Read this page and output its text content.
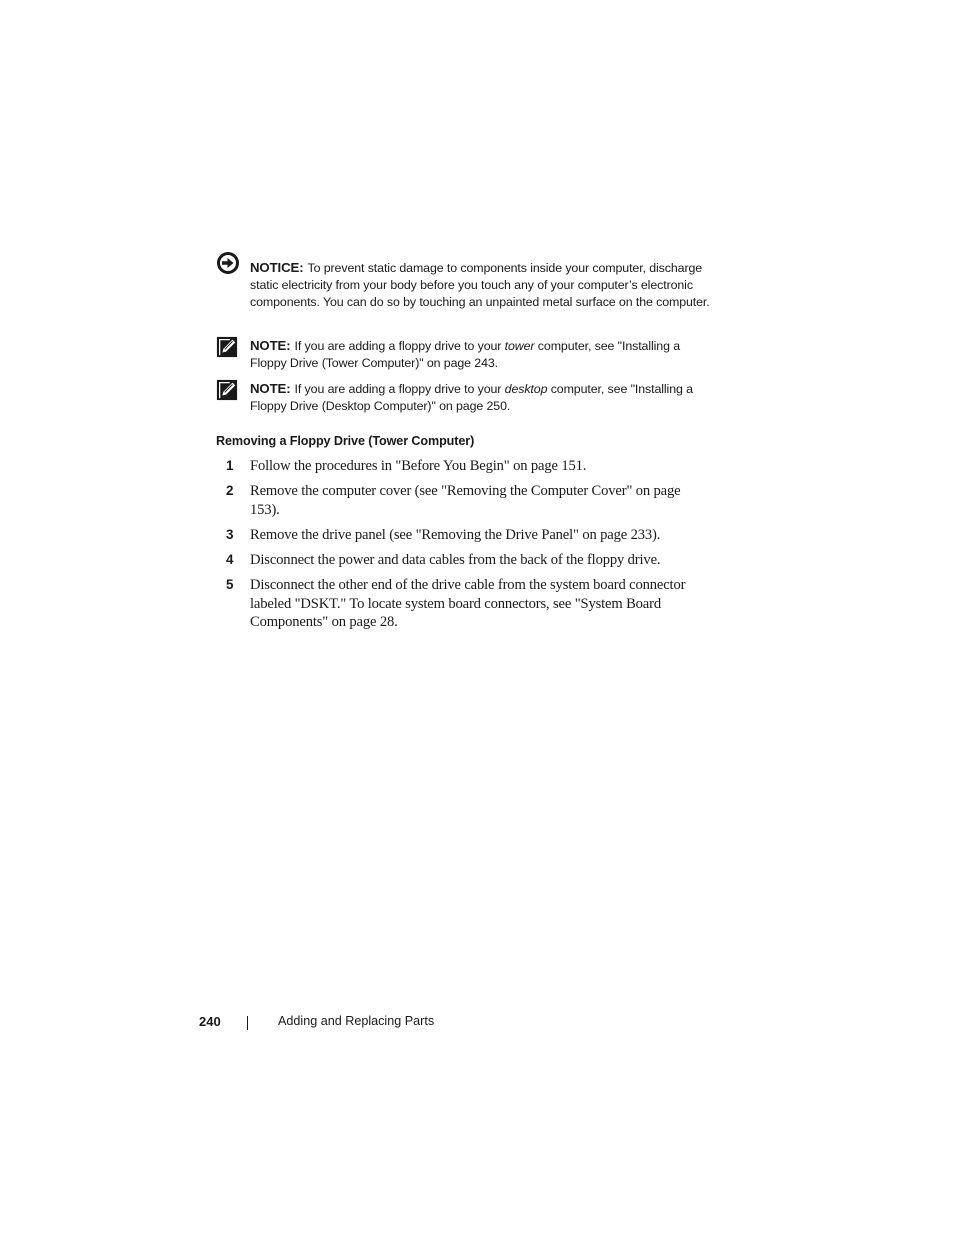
NOTICE: To prevent static damage to components inside your computer, discharge static electricity from your body before you touch any of your computer’s electronic components. You can do so by touching an unpainted metal surface on the computer.
NOTE: If you are adding a floppy drive to your tower computer, see "Installing a Floppy Drive (Tower Computer)" on page 243.
NOTE: If you are adding a floppy drive to your desktop computer, see "Installing a Floppy Drive (Desktop Computer)" on page 250.
Removing a Floppy Drive (Tower Computer)
1 Follow the procedures in "Before You Begin" on page 151.
2 Remove the computer cover (see "Removing the Computer Cover" on page 153).
3 Remove the drive panel (see "Removing the Drive Panel" on page 233).
4 Disconnect the power and data cables from the back of the floppy drive.
5 Disconnect the other end of the drive cable from the system board connector labeled "DSKT." To locate system board connectors, see "System Board Components" on page 28.
240	Adding and Replacing Parts
